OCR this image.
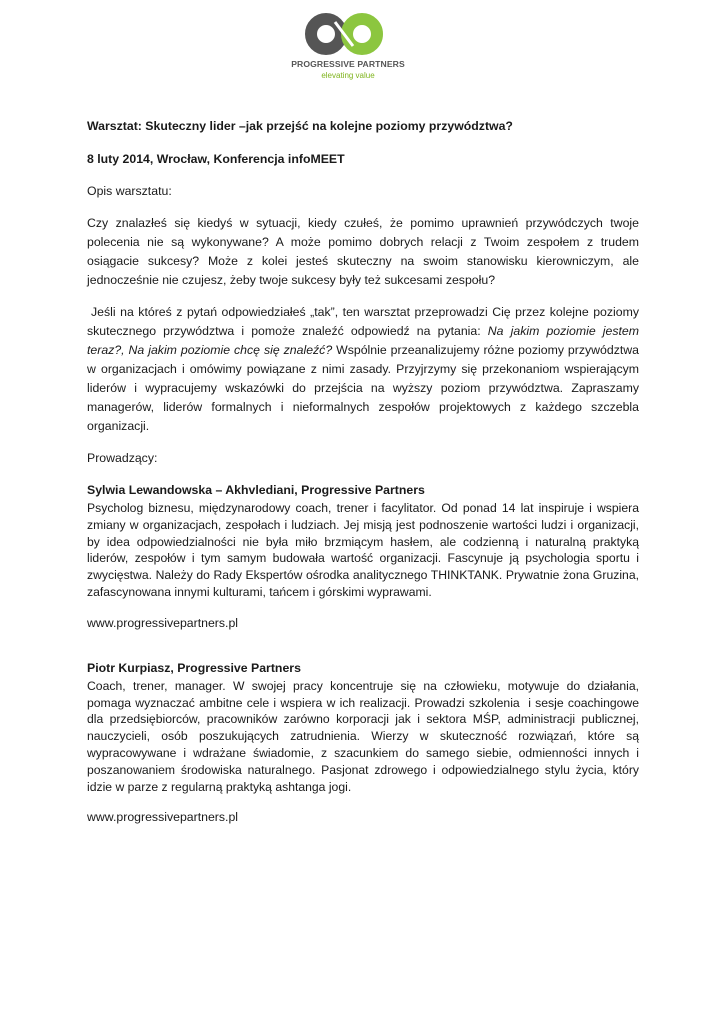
PROGRESSIVE PARTNERS
elevating value

Warsztat: Skuteczny lider –jak przejść na kolejne poziomy przywództwa?

8 luty 2014, Wrocław, Konferencja infoMEET

Opis warsztatu:

Czy znalazłeś się kiedyś w sytuacji, kiedy czułeś, że pomimo uprawnień przywódczych twoje polecenia nie są wykonywane? A może pomimo dobrych relacji z Twoim zespołem z trudem osiągacie sukcesy? Może z kolei jesteś skuteczny na swoim stanowisku kierowniczym, ale jednocześnie nie czujesz, żeby twoje sukcesy były też sukcesami zespołu?

Jeśli na któreś z pytań odpowiedziałeś „tak”, ten warsztat przeprowadzi Cię przez kolejne poziomy skutecznego przywództwa i pomoże znaleźć odpowiedź na pytania: Na jakim poziomie jestem teraz?, Na jakim poziomie chcę się znaleźć? Wspólnie przeanalizujemy różne poziomy przywództwa w organizacjach i omówimy powiązane z nimi zasady. Przyjrzymy się przekonaniom wspierającym liderów i wypracujemy wskazówki do przejścia na wyższy poziom przywództwa. Zapraszamy managerów, liderów formalnych i nieformalnych zespołów projektowych z każdego szczebla organizacji.

Prowadzący:

Sylwia Lewandowska – Akhvlediani, Progressive Partners

Psycholog biznesu, międzynarodowy coach, trener i facylitator. Od ponad 14 lat inspiruje i wspiera zmiany w organizacjach, zespołach i ludziach. Jej misją jest podnoszenie wartości ludzi i organizacji, by idea odpowiedzialności nie była miło brzmiącym hasłem, ale codzienną i naturalną praktyką liderów, zespołów i tym samym budowała wartość organizacji. Fascynuje ją psychologia sportu i zwycięstwa. Należy do Rady Ekspertów ośrodka analitycznego THINKTANK. Prywatnie żona Gruzina, zafascynowana innymi kulturami, tańcem i górskimi wyprawami.

www.progressivepartners.pl

Piotr Kurpiasz, Progressive Partners

Coach, trener, manager. W swojej pracy koncentruje się na człowieku, motywuje do działania, pomaga wyznaczać ambitne cele i wspiera w ich realizacji. Prowadzi szkolenia  i sesje coachingowe dla przedsiębiorców, pracowników zarówno korporacji jak i sektora MŚP, administracji publicznej, nauczycieli, osób poszukujących zatrudnienia. Wierzy w skuteczność rozwiązań, które są wypracowywane i wdrażane świadomie, z szacunkiem do samego siebie, odmienności innych i poszanowaniem środowiska naturalnego. Pasjonat zdrowego i odpowiedzialnego stylu życia, który idzie w parze z regularną praktyką ashtanga jogi.

www.progressivepartners.pl
